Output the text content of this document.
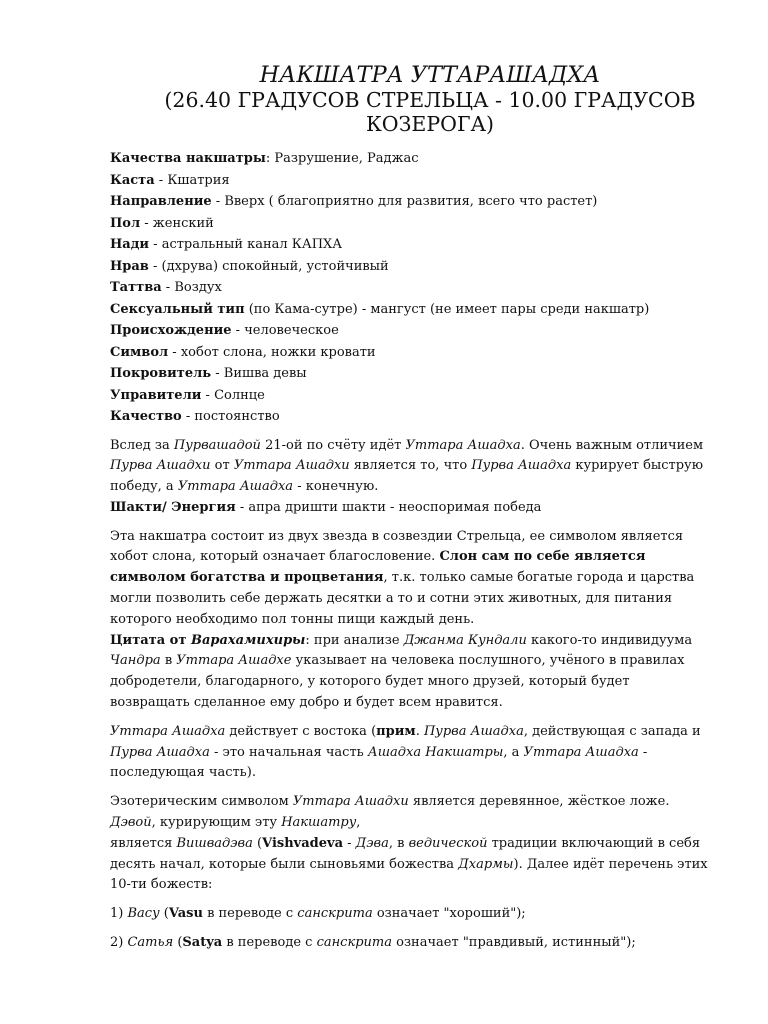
НАКШАТРА УТТАРАШАДХА
(26.40 ГРАДУСОВ СТРЕЛЬЦА - 10.00 ГРАДУСОВ
КОЗЕРОГА)
Качества накшатры: Разрушение, Раджас
Каста - Кшатрия
Направление - Вверх ( благоприятно для развития, всего что растет)
Пол - женский
Нади - астральный канал КАПХА
Нрав - (дхрува) спокойный, устойчивый
Таттва - Воздух
Сексуальный тип (по Кама-сутре) - мангуст (не имеет пары среди накшатр)
Происхождение - человеческое
Символ - хобот слона, ножки кровати
Покровитель - Вишва девы
Управители - Солнце
Качество - постоянство

Вслед за Пурвашадой 21-ой по счёту идёт Уттара Ашадха. Очень важным отличием Пурва Ашадхи от Уттара Ашадхи является то, что Пурва Ашадха курирует быструю победу, а Уттара Ашадха - конечную.

Шакти/ Энергия - апра дришти шакти - неоспоримая победа

Эта накшатра состоит из двух звезда в созвездии Стрельца, ее символом является хобот слона, который означает благословение. Слон сам по себе является символом богатства и процветания, т.к. только самые богатые города и царства могли позволить себе держать десятки а то и сотни этих животных, для питания которого необходимо пол тонны пищи каждый день.

Цитата от Варахамихиры: при анализе Джанма Кундали какого-то индивидуума Чандра в Уттара Ашадхе указывает на человека послушного, учёного в правилах добродетели, благодарного, у которого будет много друзей, который будет возвращать сделанное ему добро и будет всем нравится.

Уттара Ашадха действует с востока (прим. Пурва Ашадха, действующая с запада и Пурва Ашадха - это начальная часть Ашадха Накшатры, а Уттара Ашадха - последующая часть).

Эзотерическим символом Уттара Ашадхи является деревянное, жёсткое ложе. Дэвой, курирующим эту Накшатру,
является Вишвадэва (Vishvadeva - Дэва, в ведической традиции включающий в себя десять начал, которые были сыновьями божества Дхармы). Далее идёт перечень этих 10-ти божеств:

1) Васу (Vasu в переводе с санскрита означает "хороший");

2) Сатья (Satya в переводе с санскрита означает "правдивый, истинный");
